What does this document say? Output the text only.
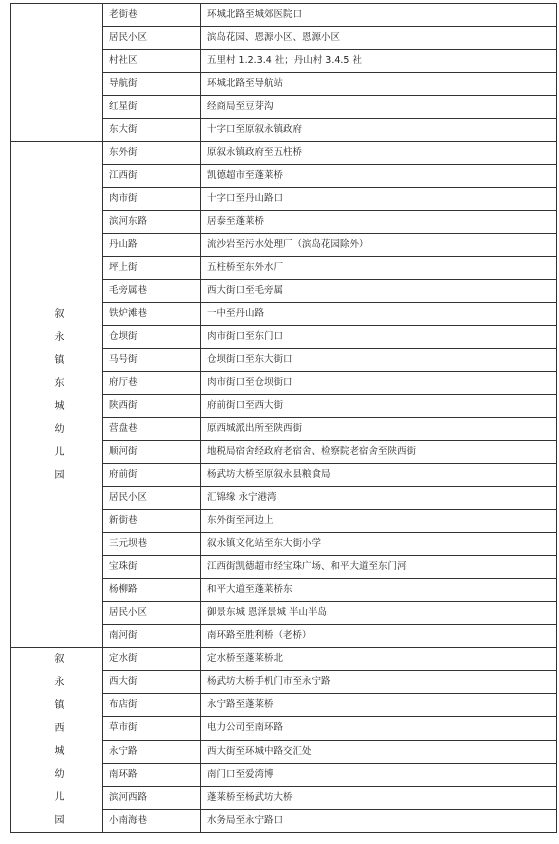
	老街巷	环城北路至城郊医院口
	居民小区	滨岛花园、恩源小区、恩源小区
	村社区	五里村 1.2.3.4 社；丹山村 3.4.5 社
	导航街	环城北路至导航站
	红星街	经商局至豆芽沟
	东大街	十字口至原叙永镇政府
叙永镇东城幼儿园	东外街	原叙永镇政府至五柱桥
	江西街	凯德超市至蓬莱桥
	肉市街	十字口至丹山路口
	滨河东路	居泰至蓬莱桥
	丹山路	流沙岩至污水处理厂（滨岛花园除外）
	坪上街	五柱桥至东外水厂
	毛旁属巷	西大街口至毛旁属
	铁炉滩巷	一中至丹山路
	仓坝街	肉市街口至东门口
	马号街	仓坝街口至东大街口
	府厅巷	肉市街口至仓坝街口
	陕西街	府前街口至西大街
	营盘巷	原西城派出所至陕西街
	顺河街	地税局宿舍经政府老宿舍、检察院老宿舍至陕西街
	府前街	杨武坊大桥至原叙永县粮食局
	居民小区	汇锦缘 永宁港湾
	新街巷	东外街至河边上
	三元坝巷	叙永镇文化站至东大街小学
	宝珠街	江西街凯德超市经宝珠广场、和平大道至东门河
	杨柳路	和平大道至蓬莱桥东
	居民小区	御景东城 恩泽景城 半山半岛
	南河街	南环路至胜利桥（老桥）
叙永镇西城幼儿园	定水街	定水桥至蓬莱桥北
	西大街	杨武坊大桥手机门市至永宁路
	布店街	永宁路至蓬莱桥
	草市街	电力公司至南环路
	永宁路	西大街至环城中路交汇处
	南环路	南门口至爱湾博
	滨河西路	蓬莱桥至杨武坊大桥
	小南海巷	水务局至永宁路口
